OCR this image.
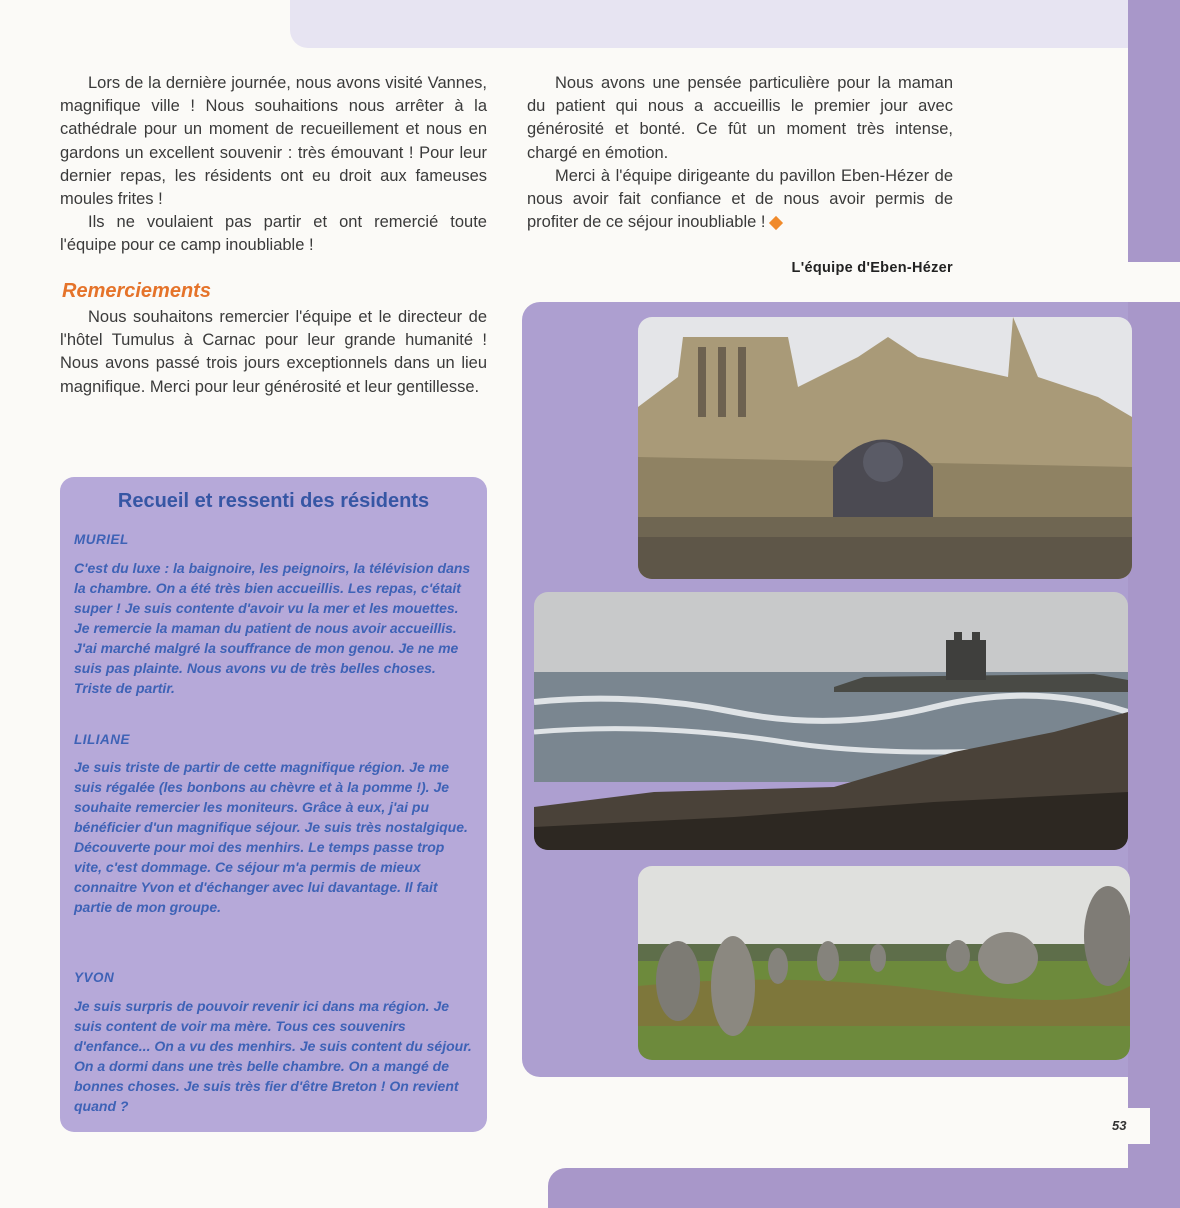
53

Lors de la dernière journée, nous avons visité Vannes, magnifique ville ! Nous souhaitions nous arrêter à la cathédrale pour un moment de recueillement et nous en gardons un excellent souvenir : très émouvant ! Pour leur dernier repas, les résidents ont eu droit aux fameuses moules frites !

Ils ne voulaient pas partir et ont remercié toute l'équipe pour ce camp inoubliable !

Nous avons une pensée particulière pour la maman du patient qui nous a accueillis le premier jour avec générosité et bonté. Ce fût un moment très intense, chargé en émotion.

Merci à l'équipe dirigeante du pavillon Eben-Hézer de nous avoir fait confiance et de nous avoir permis de profiter de ce séjour inoubliable !

L'équipe d'Eben-Hézer
Remerciements

Nous souhaitons remercier l'équipe et le directeur de l'hôtel Tumulus à Carnac pour leur grande humanité ! Nous avons passé trois jours exceptionnels dans un lieu magnifique. Merci pour leur générosité et leur gentillesse.

Recueil et ressenti des résidents
MURIEL
C'est du luxe : la baignoire, les peignoirs, la télévision dans la chambre. On a été très bien accueillis. Les repas, c'était super ! Je suis contente d'avoir vu la mer et les mouettes. Je remercie la maman du patient de nous avoir accueillis. J'ai marché malgré la souffrance de mon genou. Je ne me suis pas plainte. Nous avons vu de très belles choses. Triste de partir.
LILIANE
Je suis triste de partir de cette magnifique région. Je me suis régalée (les bonbons au chèvre et à la pomme !). Je souhaite remercier les moniteurs. Grâce à eux, j'ai pu bénéficier d'un magnifique séjour. Je suis très nostalgique. Découverte pour moi des menhirs. Le temps passe trop vite, c'est dommage. Ce séjour m'a permis de mieux connaitre Yvon et d'échanger avec lui davantage. Il fait partie de mon groupe.
YVON
Je suis surpris de pouvoir revenir ici dans ma région. Je suis content de voir ma mère. Tous ces souvenirs d'enfance... On a vu des menhirs. Je suis content du séjour. On a dormi dans une très belle chambre. On a mangé de bonnes choses. Je suis très fier d'être Breton ! On revient quand ?
